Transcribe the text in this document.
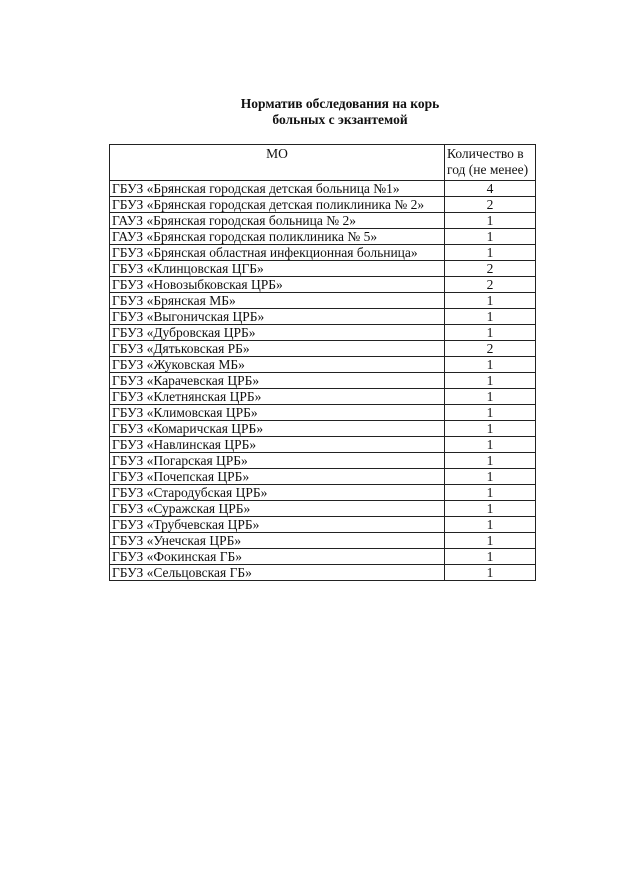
Норматив обследования на корь
больных с экзантемой
МО	Количество в год (не менее)
ГБУЗ «Брянская городская детская больница №1»	4
ГБУЗ «Брянская городская детская поликлиника № 2»	2
ГАУЗ «Брянская городская больница № 2»	1
ГАУЗ «Брянская городская поликлиника № 5»	1
ГБУЗ «Брянская областная инфекционная больница»	1
ГБУЗ «Клинцовская ЦГБ»	2
ГБУЗ «Новозыбковская ЦРБ»	2
ГБУЗ «Брянская МБ»	1
ГБУЗ «Выгоничская ЦРБ»	1
ГБУЗ «Дубровская ЦРБ»	1
ГБУЗ «Дятьковская РБ»	2
ГБУЗ «Жуковская МБ»	1
ГБУЗ «Карачевская ЦРБ»	1
ГБУЗ «Клетнянская ЦРБ»	1
ГБУЗ «Климовская ЦРБ»	1
ГБУЗ «Комаричская ЦРБ»	1
ГБУЗ «Навлинская ЦРБ»	1
ГБУЗ «Погарская ЦРБ»	1
ГБУЗ «Почепская ЦРБ»	1
ГБУЗ «Стародубская ЦРБ»	1
ГБУЗ «Суражская ЦРБ»	1
ГБУЗ «Трубчевская ЦРБ»	1
ГБУЗ «Унечская ЦРБ»	1
ГБУЗ «Фокинская ГБ»	1
ГБУЗ «Сельцовская ГБ»	1
